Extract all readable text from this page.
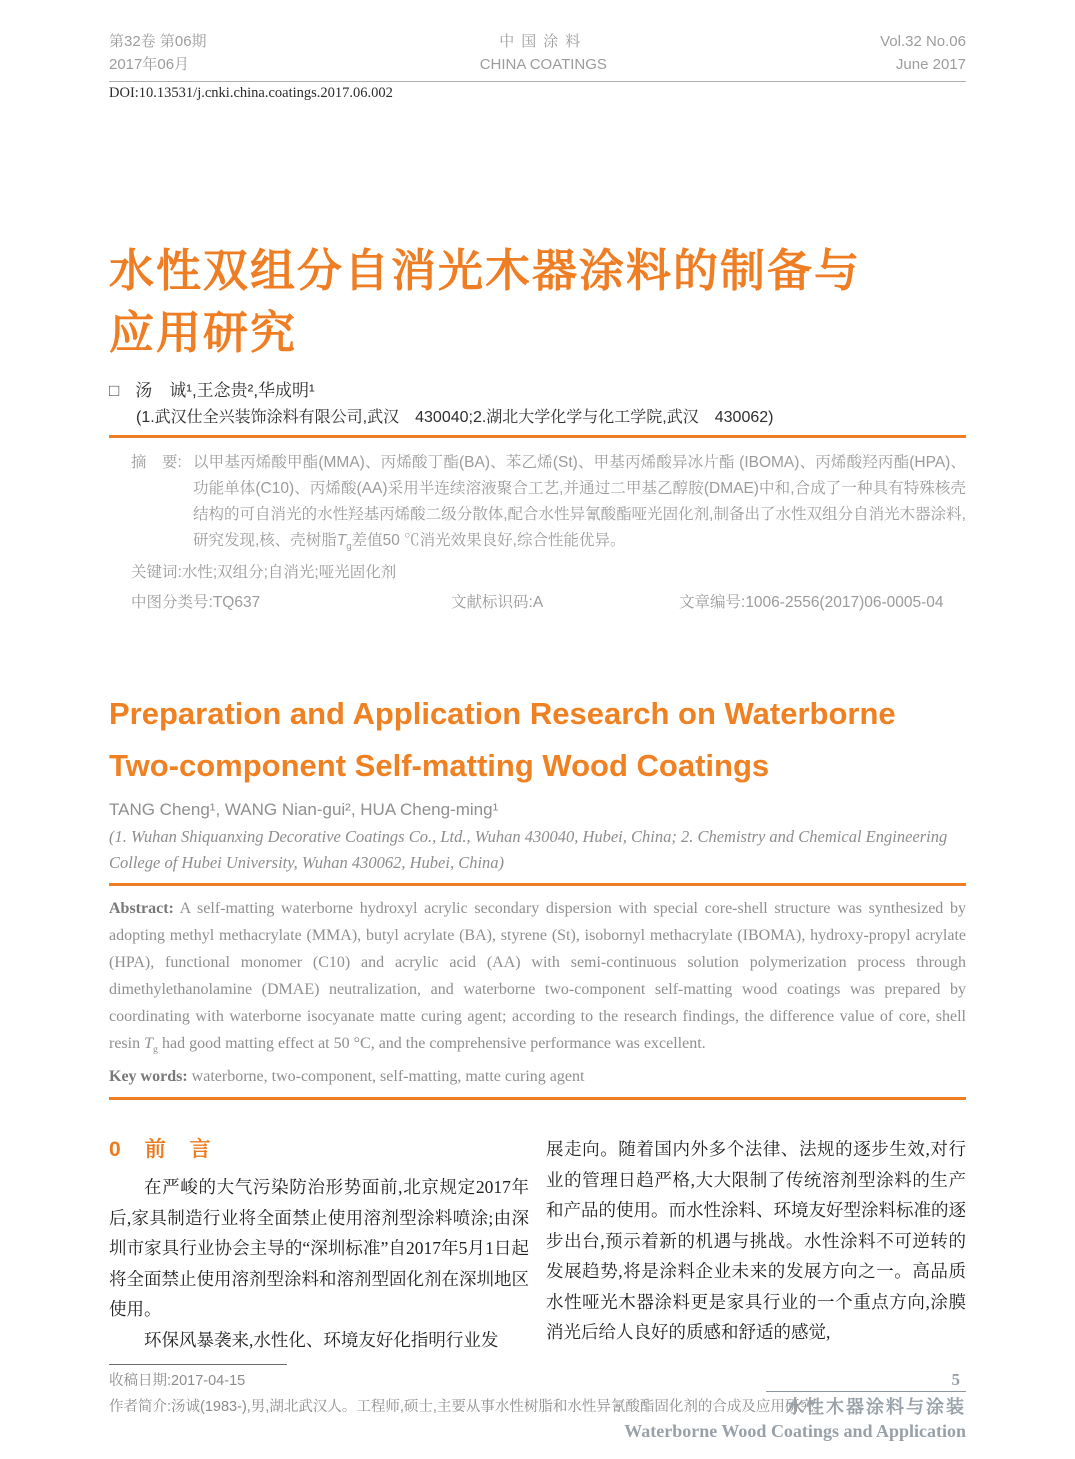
第32卷 第06期
2017年06月
中国涂料
CHINA COATINGS
Vol.32 No.06
June 2017
DOI:10.13531/j.cnki.china.coatings.2017.06.002
水性双组分自消光木器涂料的制备与
应用研究
□ 汤　诚¹,王念贵²,华成明¹
(1.武汉仕全兴装饰涂料有限公司,武汉　430040;2.湖北大学化学与化工学院,武汉　430062)
摘　要: 以甲基丙烯酸甲酯(MMA)、丙烯酸丁酯(BA)、苯乙烯(St)、甲基丙烯酸异冰片酯 (IBOMA)、丙烯酸羟丙酯(HPA)、功能单体(C10)、丙烯酸(AA)采用半连续溶液聚合工艺,并通过二甲基乙醇胺(DMAE)中和,合成了一种具有特殊核壳结构的可自消光的水性羟基丙烯酸二级分散体,配合水性异氰酸酯哑光固化剂,制备出了水性双组分自消光木器涂料,研究发现,核、壳树脂$T_g$差值50 ℃消光效果良好,综合性能优异。
关键词:水性;双组分;自消光;哑光固化剂
中图分类号:TQ637	文献标识码:A	文章编号:1006-2556(2017)06-0005-04
Preparation and Application Research on Waterborne
Two-component Self-matting Wood Coatings
TANG Cheng¹, WANG Nian-gui², HUA Cheng-ming¹
(1. Wuhan Shiquanxing Decorative Coatings Co., Ltd., Wuhan 430040, Hubei, China; 2. Chemistry and Chemical Engineering College of Hubei University, Wuhan 430062, Hubei, China)
Abstract: A self-matting waterborne hydroxyl acrylic secondary dispersion with special core-shell structure was synthesized by adopting methyl methacrylate (MMA), butyl acrylate (BA), styrene (St), isobornyl methacrylate (IBOMA), hydroxy-propyl acrylate (HPA), functional monomer (C10) and acrylic acid (AA) with semi-continuous solution polymerization process through dimethylethanolamine (DMAE) neutralization, and waterborne two-component self-matting wood coatings was prepared by coordinating with waterborne isocyanate matte curing agent; according to the research findings, the difference value of core, shell resin $T_g$ had good matting effect at 50 °C, and the comprehensive performance was excellent.
Key words: waterborne, two-component, self-matting, matte curing agent
0 前言

在严峻的大气污染防治形势面前,北京规定2017年后,家具制造行业将全面禁止使用溶剂型涂料喷涂;由深圳市家具行业协会主导的“深圳标准”自2017年5月1日起将全面禁止使用溶剂型涂料和溶剂型固化剂在深圳地区使用。

环保风暴袭来,水性化、环境友好化指明行业发

展走向。随着国内外多个法律、法规的逐步生效,对行业的管理日趋严格,大大限制了传统溶剂型涂料的生产和产品的使用。而水性涂料、环境友好型涂料标准的逐步出台,预示着新的机遇与挑战。水性涂料不可逆转的发展趋势,将是涂料企业未来的发展方向之一。高品质水性哑光木器涂料更是家具行业的一个重点方向,涂膜消光后给人良好的质感和舒适的感觉,

收稿日期:2017-04-15
作者简介:汤诚(1983-),男,湖北武汉人。工程师,硕士,主要从事水性树脂和水性异氰酸酯固化剂的合成及应用研究。
5
水性木器涂料与涂装
Waterborne Wood Coatings and Application
